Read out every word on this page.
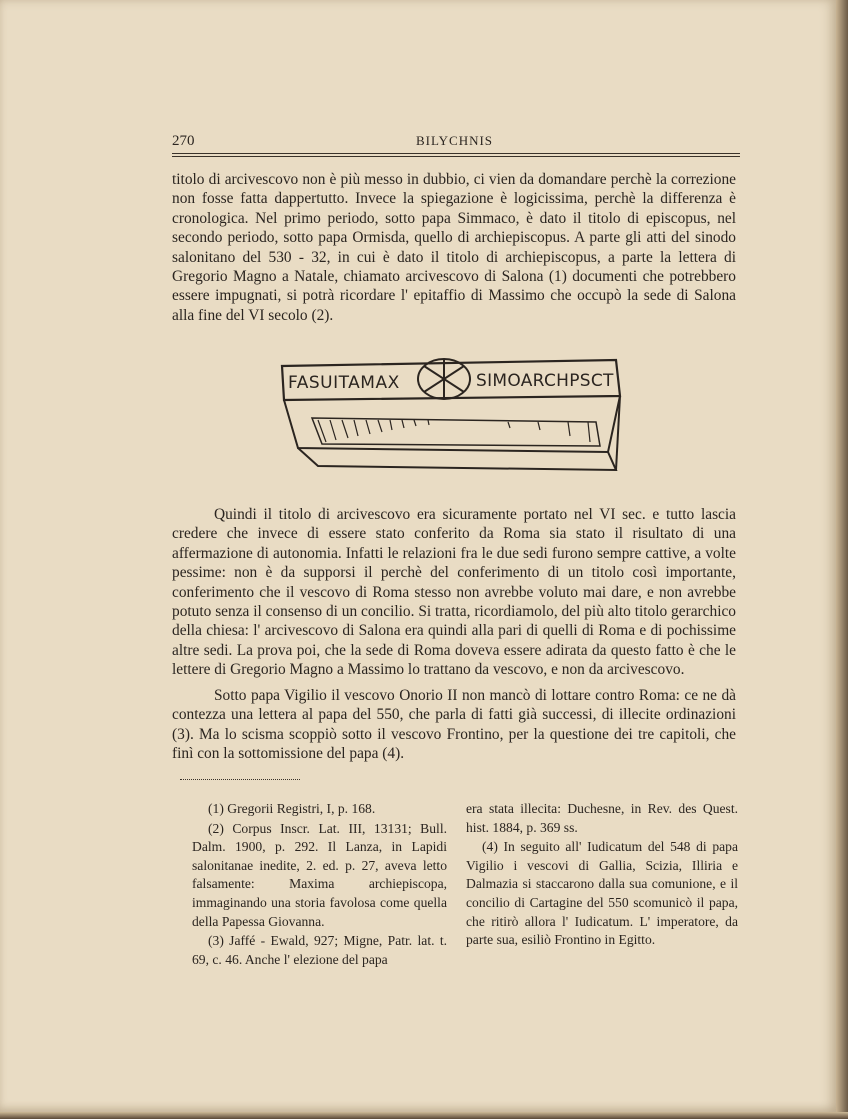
270	BILYCHNIS

titolo di arcivescovo non è più messo in dubbio, ci vien da domandare perchè la correzione non fosse fatta dappertutto. Invece la spiegazione è logicissima, perchè la differenza è cronologica. Nel primo periodo, sotto papa Simmaco, è dato il titolo di episcopus, nel secondo periodo, sotto papa Ormisda, quello di archiepiscopus. A parte gli atti del sinodo salonitano del 530 - 32, in cui è dato il titolo di archiepiscopus, a parte la lettera di Gregorio Magno a Natale, chiamato arcivescovo di Salona (1) documenti che potrebbero essere impugnati, si potrà ricordare l' epitaffio di Massimo che occupò la sede di Salona alla fine del VI secolo (2).

FASUITAMAX	SIMOARCHPSCT

Quindi il titolo di arcivescovo era sicuramente portato nel VI sec. e tutto lascia credere che invece di essere stato conferito da Roma sia stato il risultato di una affermazione di autonomia. Infatti le relazioni fra le due sedi furono sempre cattive, a volte pessime: non è da supporsi il perchè del conferimento di un titolo così importante, conferimento che il vescovo di Roma stesso non avrebbe voluto mai dare, e non avrebbe potuto senza il consenso di un concilio. Si tratta, ricordiamolo, del più alto titolo gerarchico della chiesa: l' arcivescovo di Salona era quindi alla pari di quelli di Roma e di pochissime altre sedi. La prova poi, che la sede di Roma doveva essere adirata da questo fatto è che le lettere di Gregorio Magno a Massimo lo trattano da vescovo, e non da arcivescovo.

Sotto papa Vigilio il vescovo Onorio II non mancò di lottare contro Roma: ce ne dà contezza una lettera al papa del 550, che parla di fatti già successi, di illecite ordinazioni (3). Ma lo scisma scoppiò sotto il vescovo Frontino, per la questione dei tre capitoli, che finì con la sottomissione del papa (4).

(1) Gregorii Registri, I, p. 168.

(2) Corpus Inscr. Lat. III, 13131; Bull. Dalm. 1900, p. 292. Il Lanza, in Lapidi salonitanae inedite, 2. ed. p. 27, aveva letto falsamente: Maxima archiepiscopa, immaginando una storia favolosa come quella della Papessa Giovanna.

(3) Jaffé - Ewald, 927; Migne, Patr. lat. t. 69, c. 46. Anche l' elezione del papa

era stata illecita: Duchesne, in Rev. des Quest. hist. 1884, p. 369 ss.

(4) In seguito all' Iudicatum del 548 di papa Vigilio i vescovi di Gallia, Scizia, Illiria e Dalmazia si staccarono dalla sua comunione, e il concilio di Cartagine del 550 scomunicò il papa, che ritirò allora l' Iudicatum. L' imperatore, da parte sua, esiliò Frontino in Egitto.
